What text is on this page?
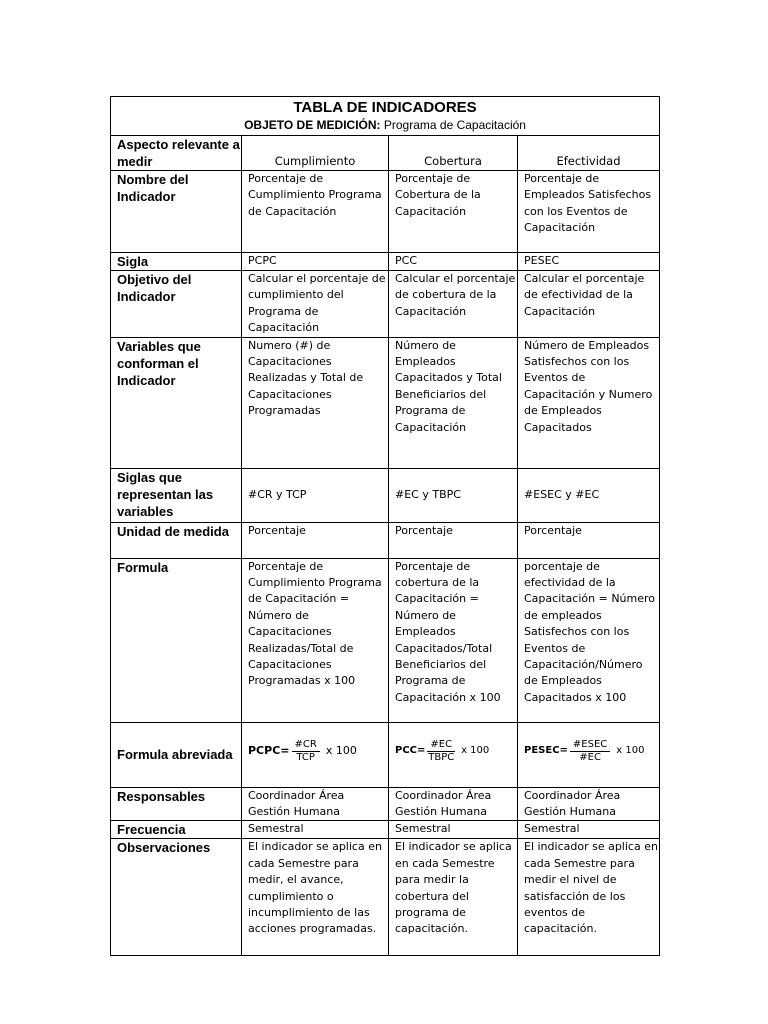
TABLA DE INDICADORES
OBJETO DE MEDICIÓN: Programa de Capacitación			

Aspecto relevante a medir	Cumplimiento	Cobertura	Efectividad
Nombre del Indicador	Porcentaje de Cumplimiento Programa de Capacitación	Porcentaje de Cobertura de la Capacitación	Porcentaje de Empleados Satisfechos con los Eventos de Capacitación
Sigla	PCPC	PCC	PESEC
Objetivo del Indicador	Calcular el porcentaje de cumplimiento del Programa de Capacitación	Calcular el porcentaje de cobertura de la Capacitación	Calcular el porcentaje de efectividad de la Capacitación
Variables que conforman el Indicador	Numero (#) de Capacitaciones Realizadas y Total de Capacitaciones Programadas	Número de Empleados Capacitados y Total Beneficiarios del Programa de Capacitación	Número de Empleados Satisfechos con los Eventos de Capacitación y Numero de Empleados Capacitados
Siglas que representan las variables	#CR y TCP	#EC y TBPC	#ESEC y #EC
Unidad de medida	Porcentaje	Porcentaje	Porcentaje
Formula	Porcentaje de Cumplimiento Programa de Capacitación = Número de Capacitaciones Realizadas/Total de Capacitaciones Programadas x 100	Porcentaje de cobertura de la Capacitación = Número de Empleados Capacitados/Total Beneficiarios del Programa de Capacitación x 100	porcentaje de efectividad de la Capacitación = Número de empleados Satisfechos con los Eventos de Capacitación/Número de Empleados Capacitados x 100
Formula abreviada	PCPC= $\frac{\#CR}{\text{TCP}}$ x 100	$PCC= \frac{\#EC}{\text{TBPC}}$ x 100	PESEC= $\frac{\text{\#ESEC}}{\#EC}$ x 100

Responsables	Coordinador Área Gestión Humana	Coordinador Área Gestión Humana	Coordinador Área Gestión Humana
Frecuencia	Semestral	Semestral	Semestral
Observaciones	El indicador se aplica en cada Semestre para medir, el avance, cumplimiento o incumplimiento de las acciones programadas.	El indicador se aplica en cada Semestre para medir la cobertura del programa de capacitación.	El indicador se aplica en cada Semestre para medir el nivel de satisfacción de los eventos de capacitación.
